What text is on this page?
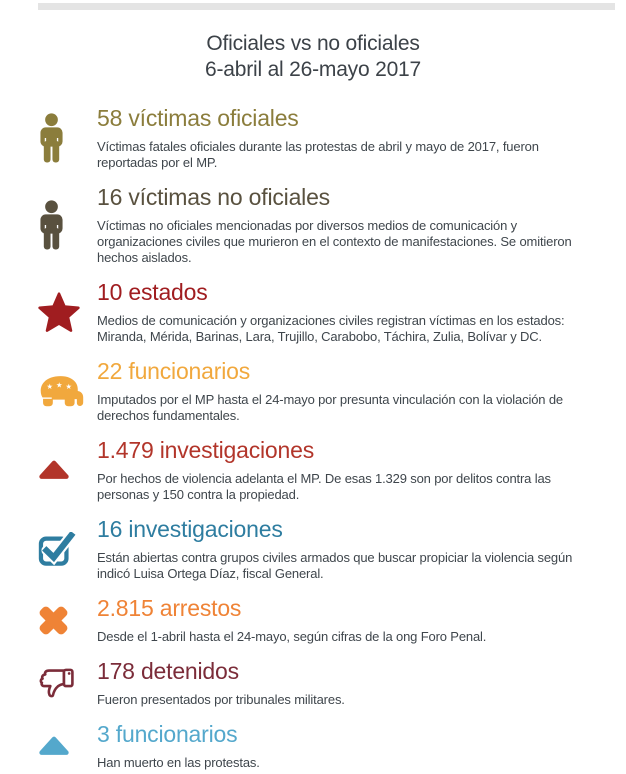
Oficiales vs no oficiales
6-abril al 26-mayo 2017
58 víctimas oficiales
Víctimas fatales oficiales durante las protestas de abril y mayo de 2017, fueron reportadas por el MP.
16 víctimas no oficiales
Víctimas no oficiales mencionadas por diversos medios de comunicación y organizaciones civiles que murieron en el contexto de manifestaciones. Se omitieron hechos aislados.
10 estados
Medios de comunicación y organizaciones civiles registran víctimas en los estados: Miranda, Mérida, Barinas, Lara, Trujillo, Carabobo, Táchira, Zulia, Bolívar y DC.
★ ★ ★
22 funcionarios
Imputados por el MP hasta el 24-mayo por presunta vinculación con la violación de derechos fundamentales.
1.479 investigaciones
Por hechos de violencia adelanta el MP. De esas 1.329 son por delitos contra las personas y 150 contra la propiedad.
16 investigaciones
Están abiertas contra grupos civiles armados que buscar propiciar la violencia según indicó Luisa Ortega Díaz, fiscal General.
2.815 arrestos
Desde el 1-abril hasta el 24-mayo, según cifras de la ong Foro Penal.
178 detenidos
Fueron presentados por tribunales militares.
3 funcionarios
Han muerto en las protestas.
